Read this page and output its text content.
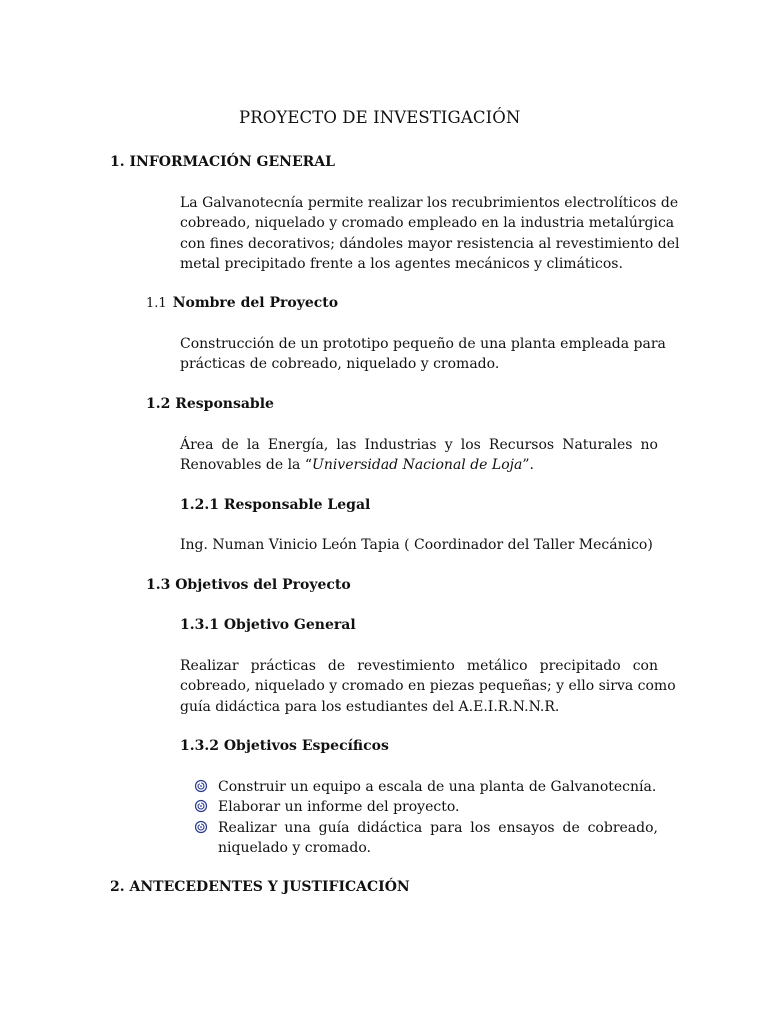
PROYECTO DE INVESTIGACIÓN
1. INFORMACIÓN GENERAL
La Galvanotecnía permite realizar los recubrimientos electrolíticos de
cobreado, niquelado y cromado empleado en la industria metalúrgica
con fines decorativos; dándoles mayor resistencia al revestimiento del
metal precipitado frente a los agentes mecánicos y climáticos.
1.1 Nombre del Proyecto
Construcción de un prototipo pequeño de una planta empleada para
prácticas de cobreado, niquelado y cromado.
1.2 Responsable
Área de la Energía, las Industrias y los Recursos Naturales no
Renovables de la “Universidad Nacional de Loja”.
1.2.1 Responsable Legal
Ing. Numan Vinicio León Tapia ( Coordinador del Taller Mecánico)
1.3 Objetivos del Proyecto
1.3.1 Objetivo General
Realizar prácticas de revestimiento metálico precipitado con
cobreado, niquelado y cromado en piezas pequeñas; y ello sirva como
guía didáctica para los estudiantes del A.E.I.R.N.N.R.
1.3.2 Objetivos Específicos
Construir un equipo a escala de una planta de Galvanotecnía.
Elaborar un informe del proyecto.
Realizar una guía didáctica para los ensayos de cobreado,
niquelado y cromado.
2. ANTECEDENTES Y JUSTIFICACIÓN
